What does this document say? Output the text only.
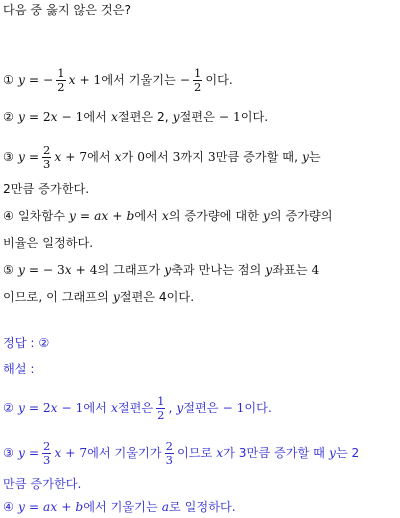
다음 중 옳지 않은 것은?
① y = − $\frac{1}{2}$ x + 1 에서 기울기는 − $\frac{1}{2}$ 이다.
② y = 2 x − 1 에서 x 절편은 2, y 절편은 − 1 이다.
③ $y = \frac{2}{3}$ x + 7 에서 x 가 0 에서 3 까지 3 만큼 증가할 때, y 는
2만큼 증가한다.
④ 일차함수 y = ax + b 에서 x 의 증가량에 대한 y 의 증가량의
비율은 일정하다.
⑤ y = − 3 x + 4 의 그래프가 y 축과 만나는 점의 y 좌표는 4
이므로, 이 그래프의 y 절편은 4이다.
정답 : ②
해설 :
② y = 2 x − 1 에서 x 절편은 $\frac{1}{2}$ , y 절편은 − 1 이다.
③ $y = \frac{2}{3}$ x + 7 에서 기울기가 $\frac{2}{3}$ 이므로 x 가 3만큼 증가할 때 y 는 2
만큼 증가한다.
④ y = ax + b 에서 기울기는 a 로 일정하다.
